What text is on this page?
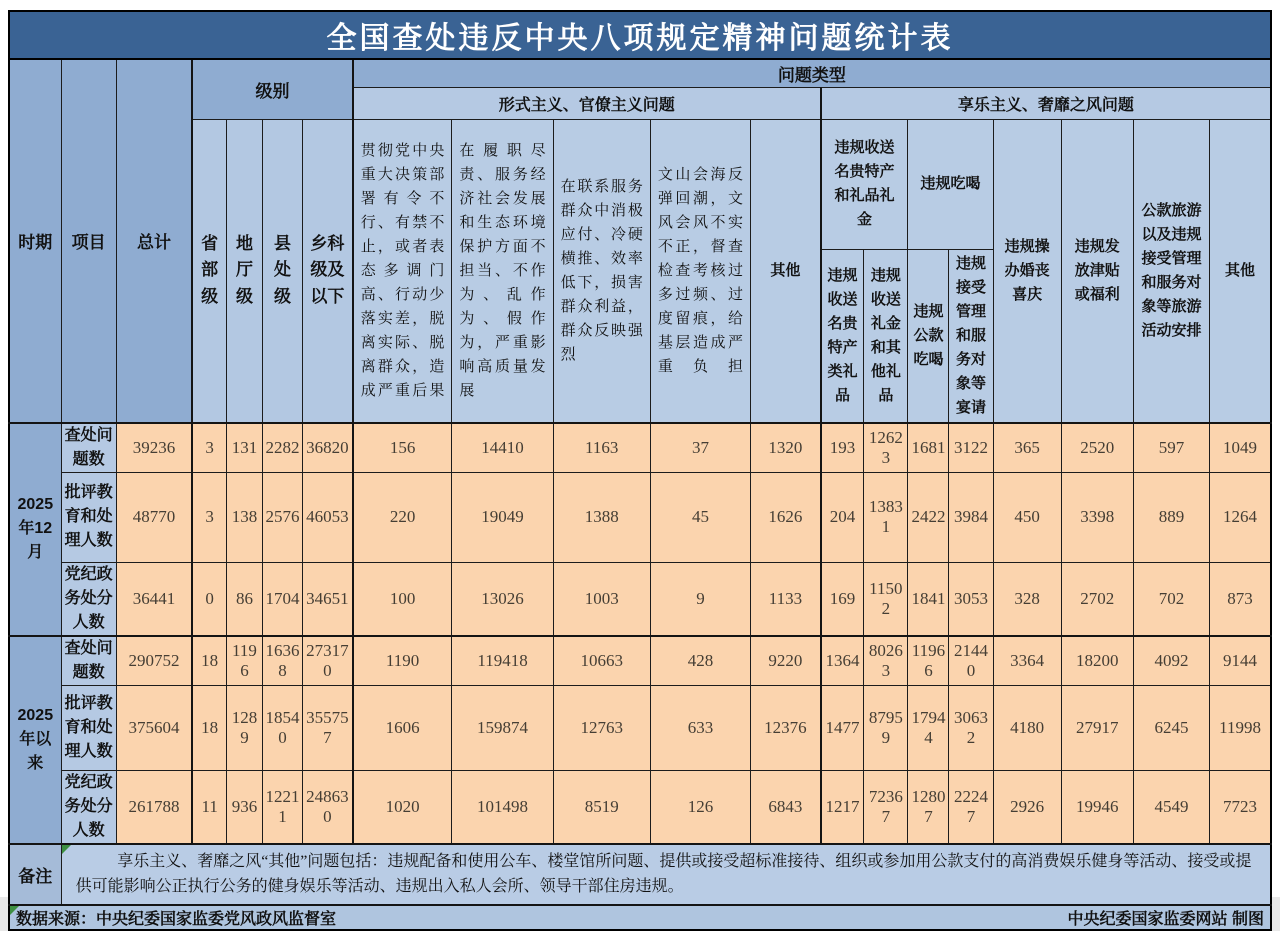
全国查处违反中央八项规定精神问题统计表																			
时期	项目	总计	级别				问题类型												
							形式主义、官僚主义问题					享乐主义、奢靡之风问题							
			省部级	地厅级	县处级	乡科级及以下	贯彻党中央重大决策部署有令不行、有禁不止，或者表态多调门高、行动少落实差，脱离实际、脱离群众，造成严重后果	在履职尽责、服务经济社会发展和生态环境保护方面不担当、不作为、乱作为、假作为，严重影响高质量发展	在联系服务群众中消极应付、冷硬横推、效率低下，损害群众利益，群众反映强烈	文山会海反弹回潮，文风会风不实不正，督查检查考核过多过频、过度留痕，给基层造成严重负担	其他	违规收送名贵特产和礼品礼金		违规吃喝		违规操办婚丧喜庆	违规发放津贴或福利	公款旅游以及违规接受管理和服务对象等旅游活动安排	其他
												违规收送名贵特产类礼品	违规收送礼金和其他礼品	违规公款吃喝	违规接受管理和服务对象等宴请				
2025年12月	查处问题数	39236	3	131	2282	36820	156	14410	1163	37	1320	193	12623	1681	3122	365	2520	597	1049
	批评教育和处理人数	48770	3	138	2576	46053	220	19049	1388	45	1626	204	13831	2422	3984	450	3398	889	1264
	党纪政务处分人数	36441	0	86	1704	34651	100	13026	1003	9	1133	169	11502	1841	3053	328	2702	702	873
2025年以来	查处问题数	290752	18	1196	16368	273170	1190	119418	10663	428	9220	1364	80263	11966	21440	3364	18200	4092	9144
	批评教育和处理人数	375604	18	1289	18540	355757	1606	159874	12763	633	12376	1477	87959	17944	30632	4180	27917	6245	11998
	党纪政务处分人数	261788	11	936	12211	248630	1020	101498	8519	126	6843	1217	72367	12807	22247	2926	19946	4549	7723
备注	享乐主义、奢靡之风“其他”问题包括：违规配备和使用公车、楼堂馆所问题、提供或接受超标准接待、组织或参加用公款支付的高消费娱乐健身等活动、接受或提供可能影响公正执行公务的健身娱乐等活动、违规出入私人会所、领导干部住房违规。																		

数据来源：中央纪委国家监委党风政风监督室 中央纪委国家监委网站 制图																			
